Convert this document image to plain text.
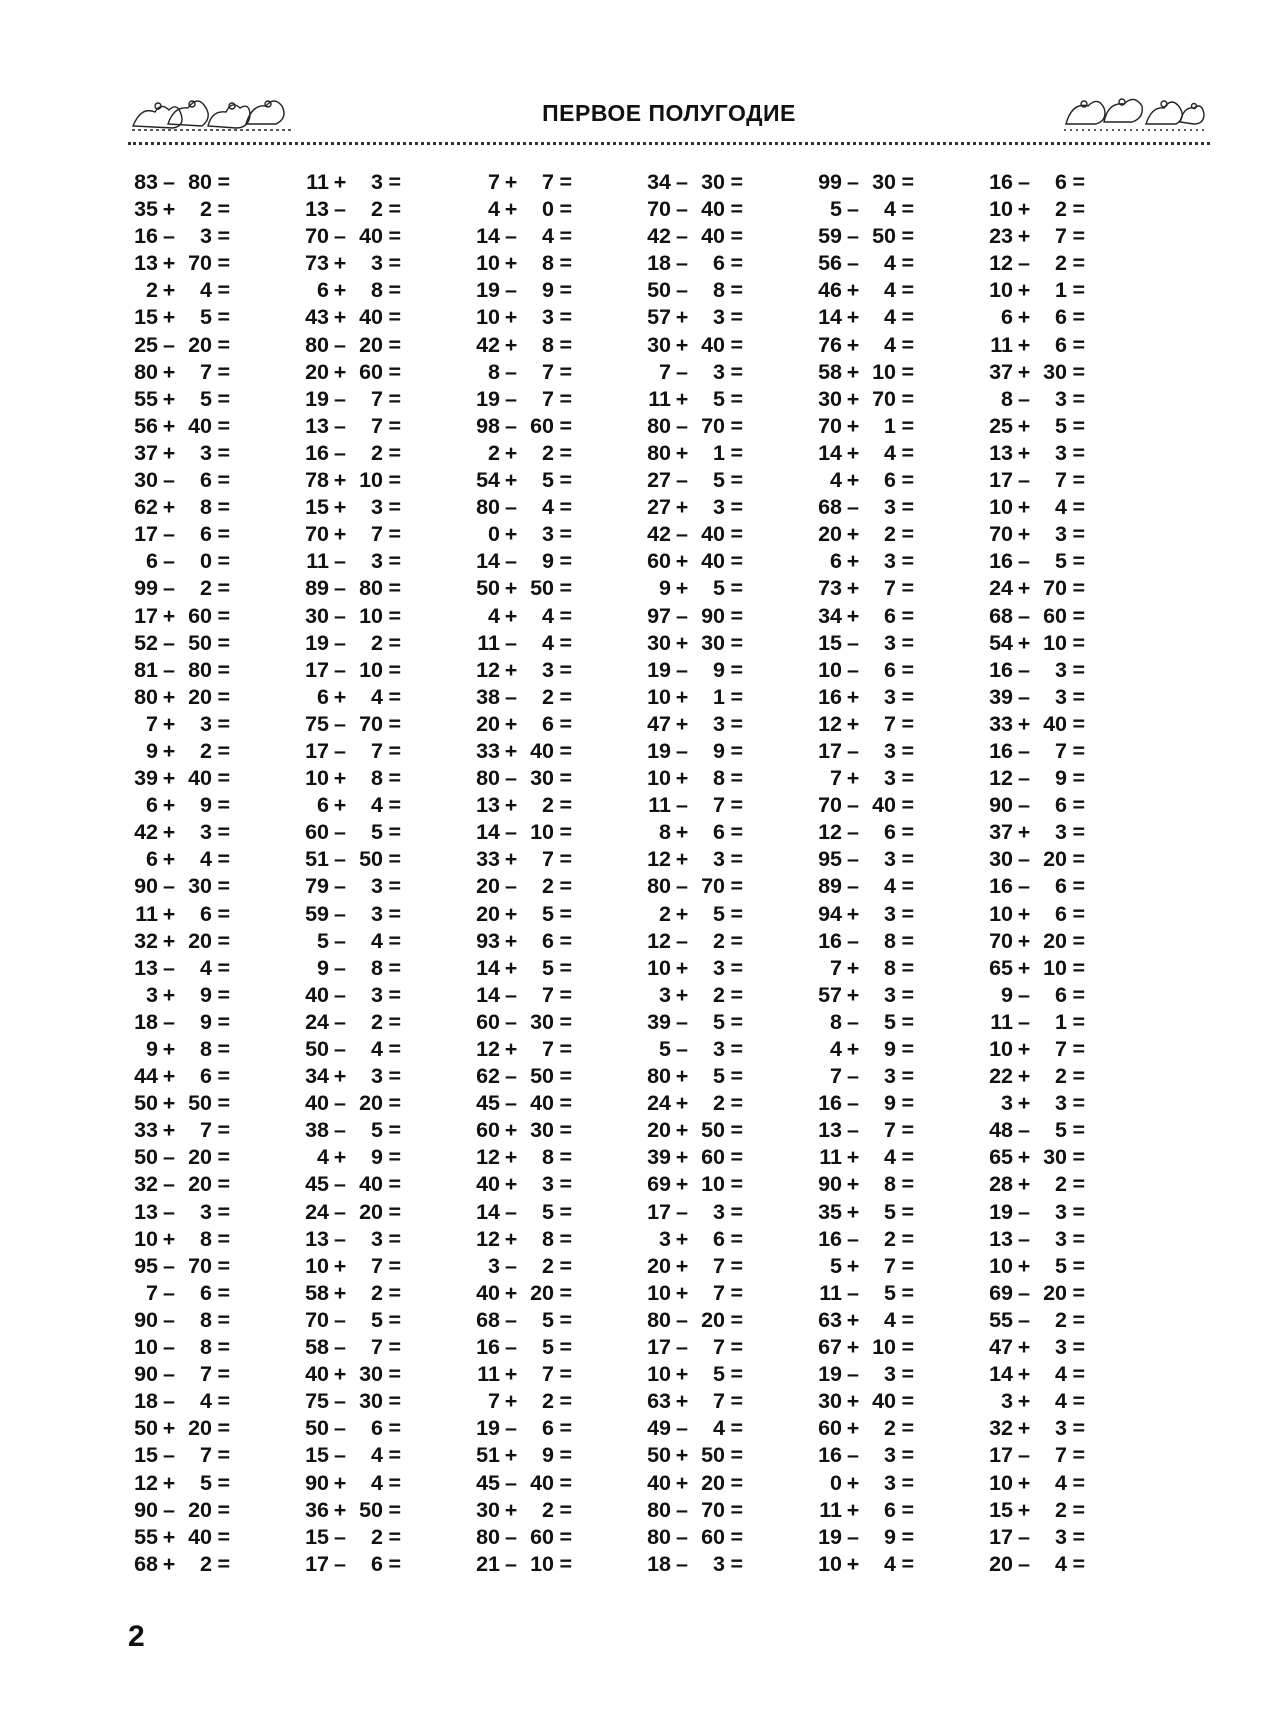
ПЕРВОЕ ПОЛУГОДИЕ
83 – 80 =
35 + 2 =
16 – 3 =
13 + 70 =
2 + 4 =
15 + 5 =
25 – 20 =
80 + 7 =
55 + 5 =
56 + 40 =
37 + 3 =
30 – 6 =
62 + 8 =
17 – 6 =
6 – 0 =
99 – 2 =
17 + 60 =
52 – 50 =
81 – 80 =
80 + 20 =
7 + 3 =
9 + 2 =
39 + 40 =
6 + 9 =
42 + 3 =
6 + 4 =
90 – 30 =
11 + 6 =
32 + 20 =
13 – 4 =
3 + 9 =
18 – 9 =
9 + 8 =
44 + 6 =
50 + 50 =
33 + 7 =
50 – 20 =
32 – 20 =
13 – 3 =
10 + 8 =
95 – 70 =
7 – 6 =
90 – 8 =
10 – 8 =
90 – 7 =
18 – 4 =
50 + 20 =
15 – 7 =
12 + 5 =
90 – 20 =
55 + 40 =
68 + 2 =
11 + 3 =
13 – 2 =
70 – 40 =
73 + 3 =
6 + 8 =
43 + 40 =
80 – 20 =
20 + 60 =
19 – 7 =
13 – 7 =
16 – 2 =
78 + 10 =
15 + 3 =
70 + 7 =
11 – 3 =
89 – 80 =
30 – 10 =
19 – 2 =
17 – 10 =
6 + 4 =
75 – 70 =
17 – 7 =
10 + 8 =
6 + 4 =
60 – 5 =
51 – 50 =
79 – 3 =
59 – 3 =
5 – 4 =
9 – 8 =
40 – 3 =
24 – 2 =
50 – 4 =
34 + 3 =
40 – 20 =
38 – 5 =
4 + 9 =
45 – 40 =
24 – 20 =
13 – 3 =
10 + 7 =
58 + 2 =
70 – 5 =
58 – 7 =
40 + 30 =
75 – 30 =
50 – 6 =
15 – 4 =
90 + 4 =
36 + 50 =
15 – 2 =
17 – 6 =
7 + 7 =
4 + 0 =
14 – 4 =
10 + 8 =
19 – 9 =
10 + 3 =
42 + 8 =
8 – 7 =
19 – 7 =
98 – 60 =
2 + 2 =
54 + 5 =
80 – 4 =
0 + 3 =
14 – 9 =
50 + 50 =
4 + 4 =
11 – 4 =
12 + 3 =
38 – 2 =
20 + 6 =
33 + 40 =
80 – 30 =
13 + 2 =
14 – 10 =
33 + 7 =
20 – 2 =
20 + 5 =
93 + 6 =
14 + 5 =
14 – 7 =
60 – 30 =
12 + 7 =
62 – 50 =
45 – 40 =
60 + 30 =
12 + 8 =
40 + 3 =
14 – 5 =
12 + 8 =
3 – 2 =
40 + 20 =
68 – 5 =
16 – 5 =
11 + 7 =
7 + 2 =
19 – 6 =
51 + 9 =
45 – 40 =
30 + 2 =
80 – 60 =
21 – 10 =
34 – 30 =
70 – 40 =
42 – 40 =
18 – 6 =
50 – 8 =
57 + 3 =
30 + 40 =
7 – 3 =
11 + 5 =
80 – 70 =
80 + 1 =
27 – 5 =
27 + 3 =
42 – 40 =
60 + 40 =
9 + 5 =
97 – 90 =
30 + 30 =
19 – 9 =
10 + 1 =
47 + 3 =
19 – 9 =
10 + 8 =
11 – 7 =
8 + 6 =
12 + 3 =
80 – 70 =
2 + 5 =
12 – 2 =
10 + 3 =
3 + 2 =
39 – 5 =
5 – 3 =
80 + 5 =
24 + 2 =
20 + 50 =
39 + 60 =
69 + 10 =
17 – 3 =
3 + 6 =
20 + 7 =
10 + 7 =
80 – 20 =
17 – 7 =
10 + 5 =
63 + 7 =
49 – 4 =
50 + 50 =
40 + 20 =
80 – 70 =
80 – 60 =
18 – 3 =
99 – 30 =
5 – 4 =
59 – 50 =
56 – 4 =
46 + 4 =
14 + 4 =
76 + 4 =
58 + 10 =
30 + 70 =
70 + 1 =
14 + 4 =
4 + 6 =
68 – 3 =
20 + 2 =
6 + 3 =
73 + 7 =
34 + 6 =
15 – 3 =
10 – 6 =
16 + 3 =
12 + 7 =
17 – 3 =
7 + 3 =
70 – 40 =
12 – 6 =
95 – 3 =
89 – 4 =
94 + 3 =
16 – 8 =
7 + 8 =
57 + 3 =
8 – 5 =
4 + 9 =
7 – 3 =
16 – 9 =
13 – 7 =
11 + 4 =
90 + 8 =
35 + 5 =
16 – 2 =
5 + 7 =
11 – 5 =
63 + 4 =
67 + 10 =
19 – 3 =
30 + 40 =
60 + 2 =
16 – 3 =
0 + 3 =
11 + 6 =
19 – 9 =
10 + 4 =
16 – 6 =
10 + 2 =
23 + 7 =
12 – 2 =
10 + 1 =
6 + 6 =
11 + 6 =
37 + 30 =
8 – 3 =
25 + 5 =
13 + 3 =
17 – 7 =
10 + 4 =
70 + 3 =
16 – 5 =
24 + 70 =
68 – 60 =
54 + 10 =
16 – 3 =
39 – 3 =
33 + 40 =
16 – 7 =
12 – 9 =
90 – 6 =
37 + 3 =
30 – 20 =
16 – 6 =
10 + 6 =
70 + 20 =
65 + 10 =
9 – 6 =
11 – 1 =
10 + 7 =
22 + 2 =
3 + 3 =
48 – 5 =
65 + 30 =
28 + 2 =
19 – 3 =
13 – 3 =
10 + 5 =
69 – 20 =
55 – 2 =
47 + 3 =
14 + 4 =
3 + 4 =
32 + 3 =
17 – 7 =
10 + 4 =
15 + 2 =
17 – 3 =
20 – 4 =
2
